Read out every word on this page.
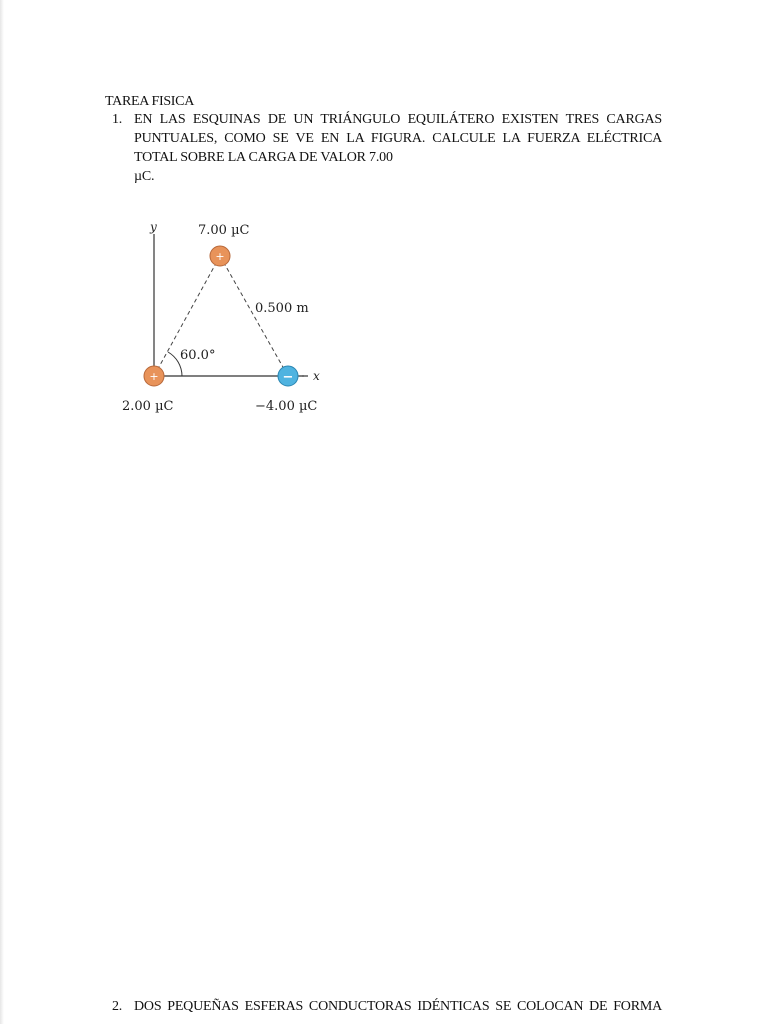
TAREA FISICA
1. EN LAS ESQUINAS DE UN TRIÁNGULO EQUILÁTERO EXISTEN TRES CARGAS PUNTUALES, COMO SE VE EN LA FIGURA. CALCULE LA FUERZA ELÉCTRICA TOTAL SOBRE LA CARGA DE VALOR 7.00
µC.
+
+	−
y
x
7.00 µC
0.500 m
60.0°
2.00 µC	−4.00 µC
2. DOS PEQUEÑAS ESFERAS CONDUCTORAS IDÉNTICAS SE COLOCAN DE FORMA
